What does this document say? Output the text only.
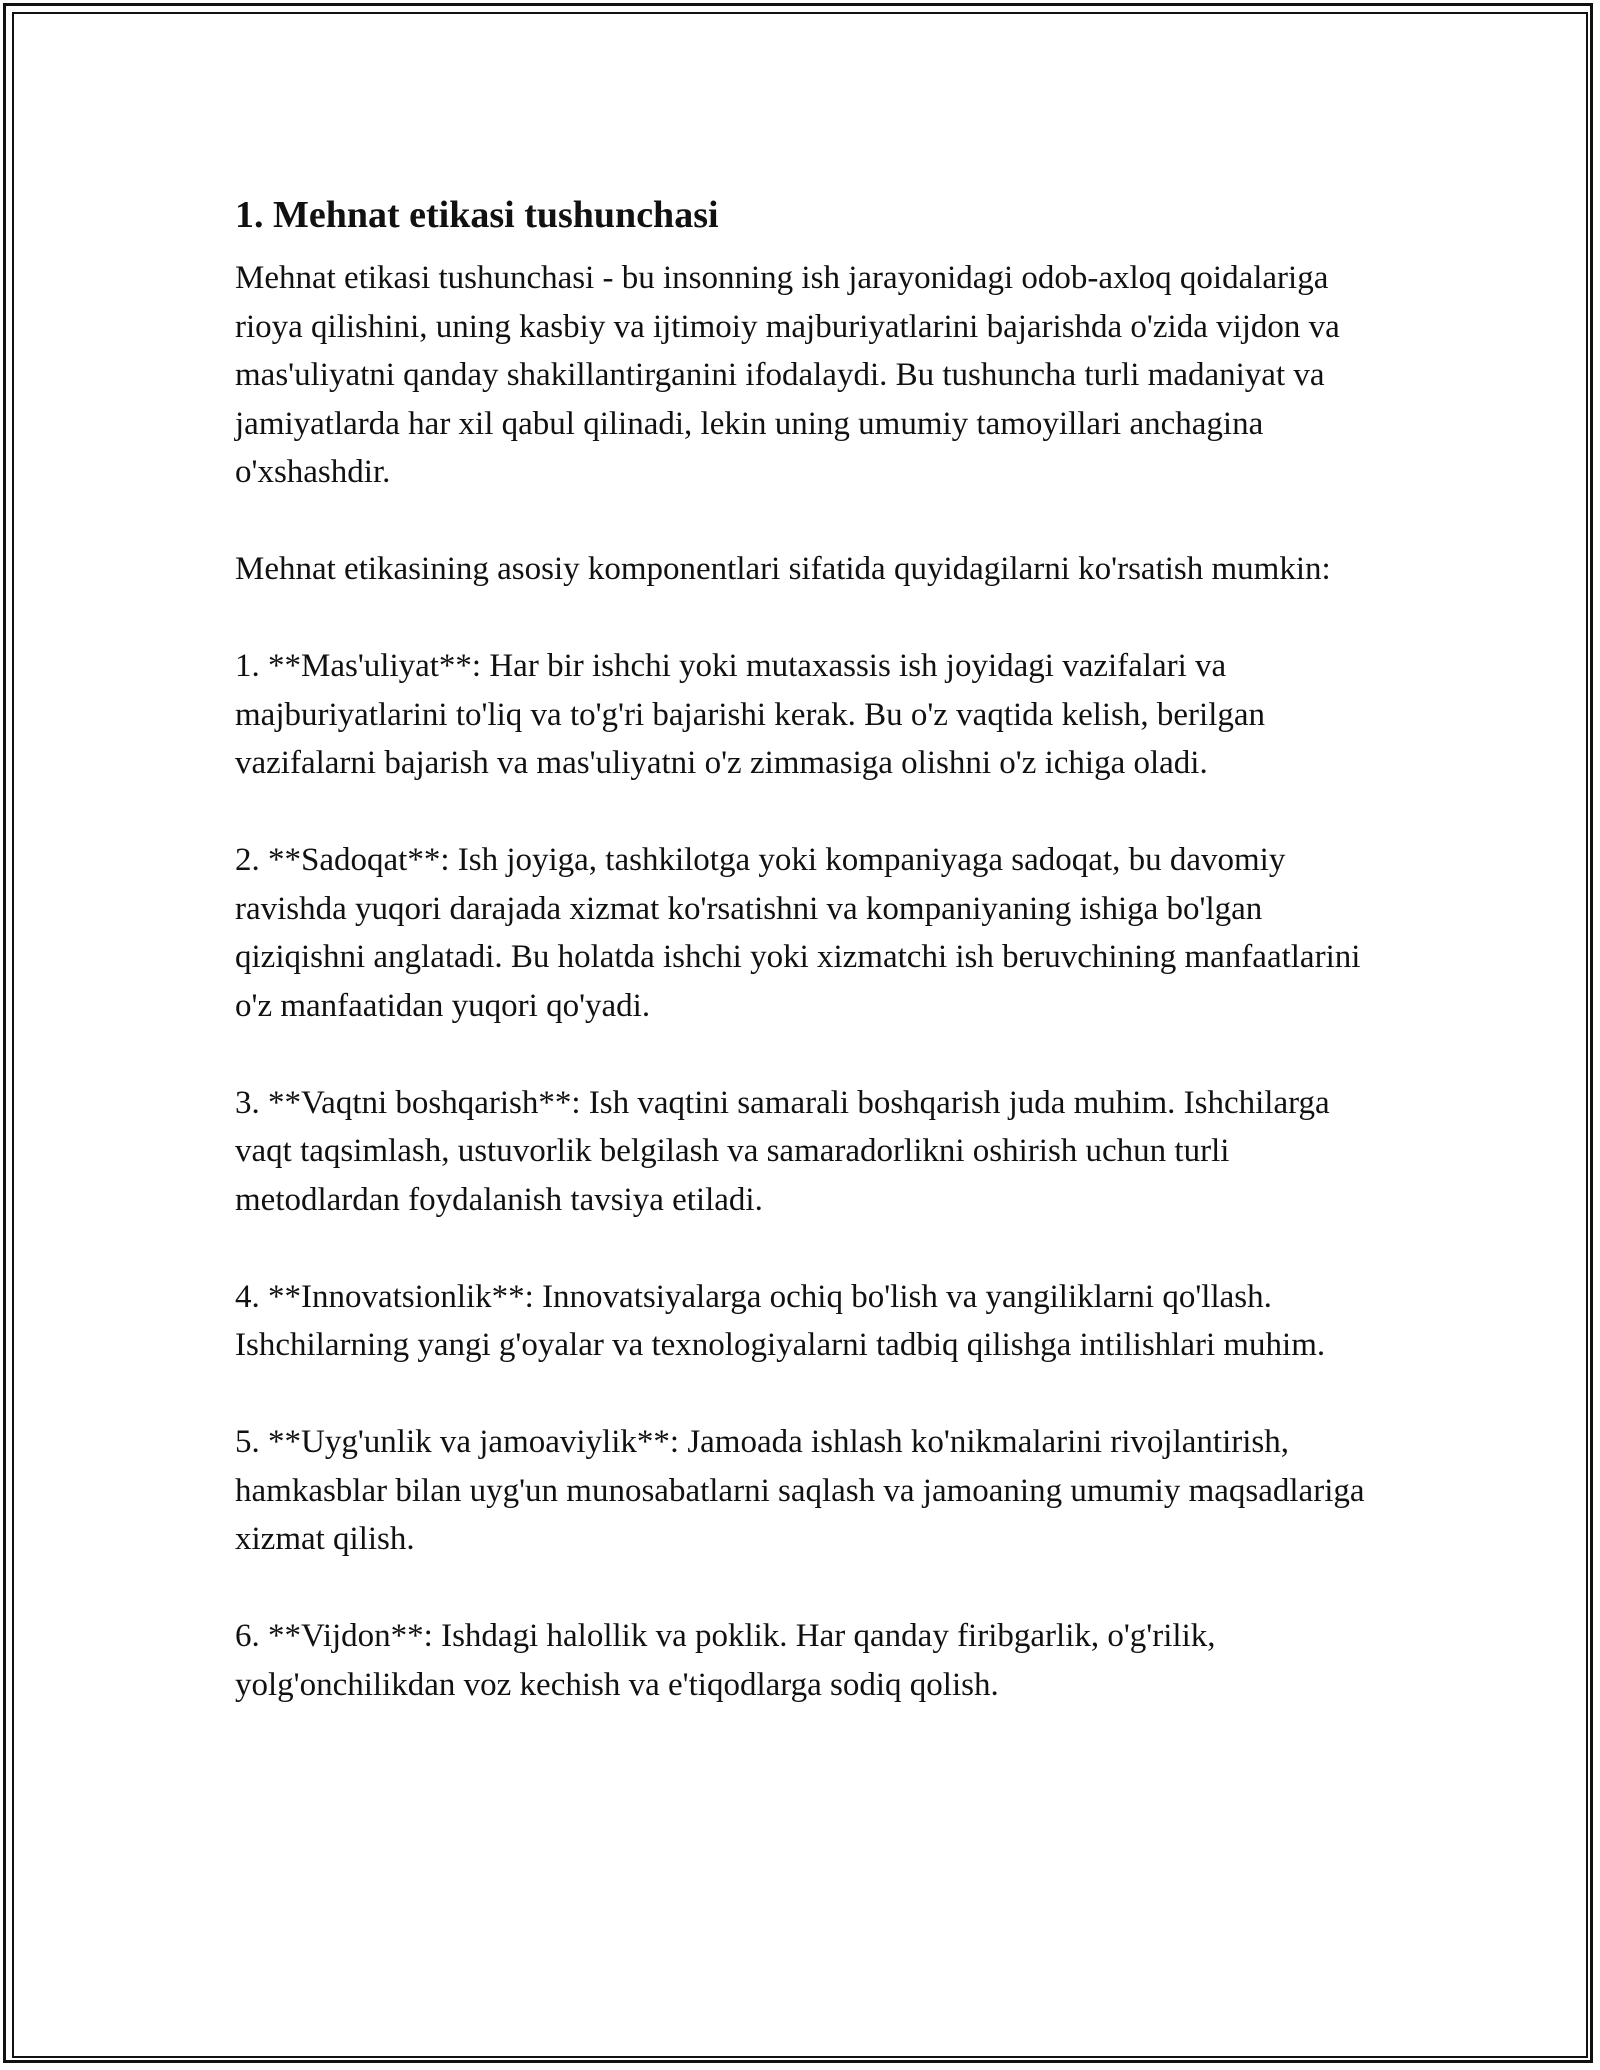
1. Mehnat etikasi tushunchasi

Mehnat etikasi tushunchasi - bu insonning ish jarayonidagi odob-axloq qoidalariga rioya qilishini, uning kasbiy va ijtimoiy majburiyatlarini bajarishda o'zida vijdon va mas'uliyatni qanday shakillantirganini ifodalaydi. Bu tushuncha turli madaniyat va jamiyatlarda har xil qabul qilinadi, lekin uning umumiy tamoyillari anchagina o'xshashdir.

Mehnat etikasining asosiy komponentlari sifatida quyidagilarni ko'rsatish mumkin:

1. **Mas'uliyat**: Har bir ishchi yoki mutaxassis ish joyidagi vazifalari va majburiyatlarini to'liq va to'g'ri bajarishi kerak. Bu o'z vaqtida kelish, berilgan vazifalarni bajarish va mas'uliyatni o'z zimmasiga olishni o'z ichiga oladi.

2. **Sadoqat**: Ish joyiga, tashkilotga yoki kompaniyaga sadoqat, bu davomiy ravishda yuqori darajada xizmat ko'rsatishni va kompaniyaning ishiga bo'lgan qiziqishni anglatadi. Bu holatda ishchi yoki xizmatchi ish beruvchining manfaatlarini o'z manfaatidan yuqori qo'yadi.

3. **Vaqtni boshqarish**: Ish vaqtini samarali boshqarish juda muhim. Ishchilarga vaqt taqsimlash, ustuvorlik belgilash va samaradorlikni oshirish uchun turli metodlardan foydalanish tavsiya etiladi.

4. **Innovatsionlik**: Innovatsiyalarga ochiq bo'lish va yangiliklarni qo'llash. Ishchilarning yangi g'oyalar va texnologiyalarni tadbiq qilishga intilishlari muhim.

5. **Uyg'unlik va jamoaviylik**: Jamoada ishlash ko'nikmalarini rivojlantirish, hamkasblar bilan uyg'un munosabatlarni saqlash va jamoaning umumiy maqsadlariga xizmat qilish.

6. **Vijdon**: Ishdagi halollik va poklik. Har qanday firibgarlik, o'g'rilik, yolg'onchilikdan voz kechish va e'tiqodlarga sodiq qolish.
